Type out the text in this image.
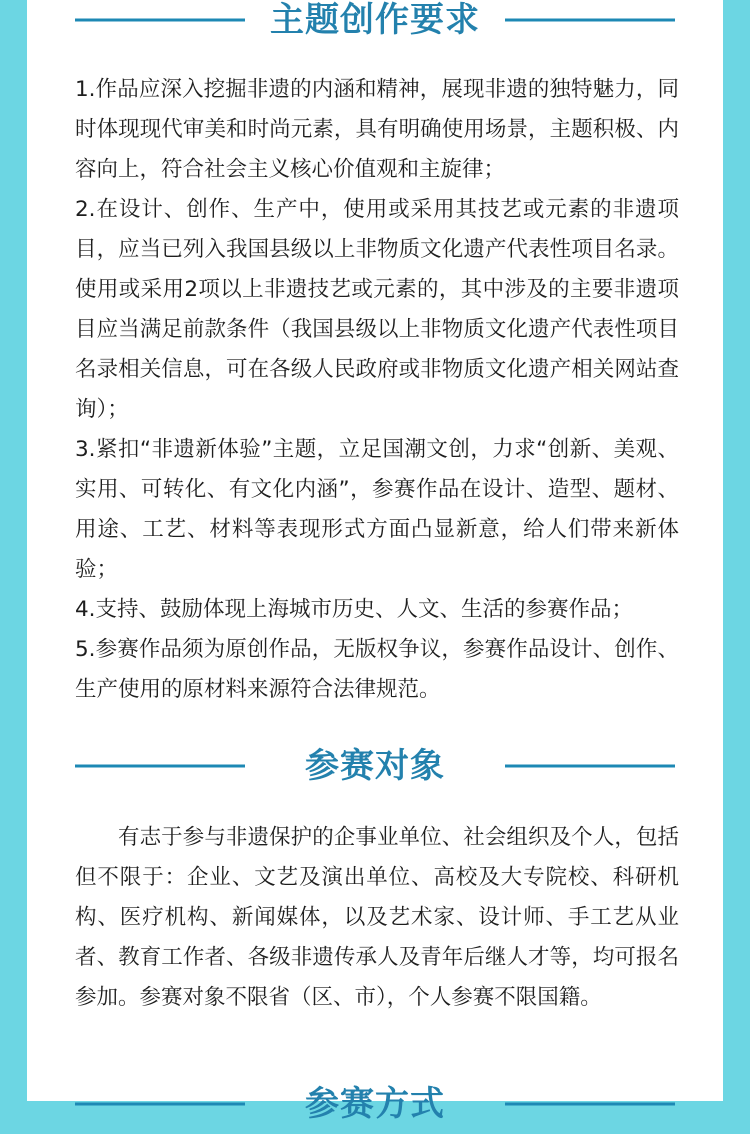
主题创作要求

1.作品应深入挖掘非遗的内涵和精神，展现非遗的独特魅力，同时体现现代审美和时尚元素，具有明确使用场景，主题积极、内容向上，符合社会主义核心价值观和主旋律；

2.在设计、创作、生产中，使用或采用其技艺或元素的非遗项目，应当已列入我国县级以上非物质文化遗产代表性项目名录。使用或采用2项以上非遗技艺或元素的，其中涉及的主要非遗项目应当满足前款条件（我国县级以上非物质文化遗产代表性项目名录相关信息，可在各级人民政府或非物质文化遗产相关网站查询）；

3.紧扣“非遗新体验”主题，立足国潮文创，力求“创新、美观、实用、可转化、有文化内涵”，参赛作品在设计、造型、题材、用途、工艺、材料等表现形式方面凸显新意，给人们带来新体验；

4.支持、鼓励体现上海城市历史、人文、生活的参赛作品；

5.参赛作品须为原创作品，无版权争议，参赛作品设计、创作、生产使用的原材料来源符合法律规范。

参赛对象

有志于参与非遗保护的企事业单位、社会组织及个人，包括但不限于：企业、文艺及演出单位、高校及大专院校、科研机构、医疗机构、新闻媒体，以及艺术家、设计师、手工艺从业者、教育工作者、各级非遗传承人及青年后继人才等，均可报名参加。参赛对象不限省（区、市），个人参赛不限国籍。

参赛方式
